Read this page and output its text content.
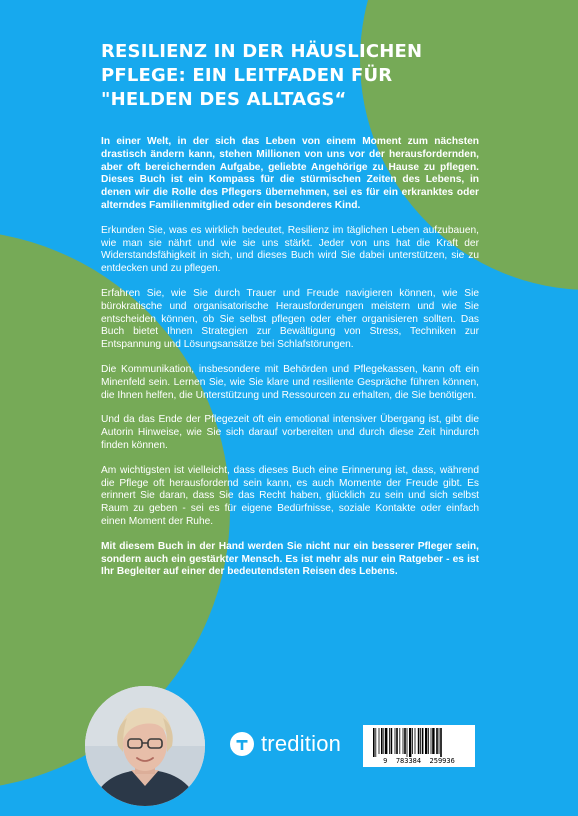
RESILIENZ IN DER HÄUSLICHEN PFLEGE: EIN LEITFADEN FÜR "HELDEN DES ALLTAGS“

In einer Welt, in der sich das Leben von einem Moment zum nächsten drastisch ändern kann, stehen Millionen von uns vor der herausfordernden, aber oft bereichernden Aufgabe, geliebte Angehörige zu Hause zu pflegen. Dieses Buch ist ein Kompass für die stürmischen Zeiten des Lebens, in denen wir die Rolle des Pflegers übernehmen, sei es für ein erkranktes oder alterndes Familienmitglied oder ein besonderes Kind.

Erkunden Sie, was es wirklich bedeutet, Resilienz im täglichen Leben aufzubauen, wie man sie nährt und wie sie uns stärkt. Jeder von uns hat die Kraft der Widerstandsfähigkeit in sich, und dieses Buch wird Sie dabei unterstützen, sie zu entdecken und zu pflegen.

Erfahren Sie, wie Sie durch Trauer und Freude navigieren können, wie Sie bürokratische und organisatorische Herausforderungen meistern und wie Sie entscheiden können, ob Sie selbst pflegen oder eher organisieren sollten. Das Buch bietet Ihnen Strategien zur Bewältigung von Stress, Techniken zur Entspannung und Lösungsansätze bei Schlafstörungen.

Die Kommunikation, insbesondere mit Behörden und Pflegekassen, kann oft ein Minenfeld sein. Lernen Sie, wie Sie klare und resiliente Gespräche führen können, die Ihnen helfen, die Unterstützung und Ressourcen zu erhalten, die Sie benötigen.

Und da das Ende der Pflegezeit oft ein emotional intensiver Übergang ist, gibt die Autorin Hinweise, wie Sie sich darauf vorbereiten und durch diese Zeit hindurch finden können.

Am wichtigsten ist vielleicht, dass dieses Buch eine Erinnerung ist, dass, während die Pflege oft herausfordernd sein kann, es auch Momente der Freude gibt. Es erinnert Sie daran, dass Sie das Recht haben, glücklich zu sein und sich selbst Raum zu geben - sei es für eigene Bedürfnisse, soziale Kontakte oder einfach einen Moment der Ruhe.

Mit diesem Buch in der Hand werden Sie nicht nur ein besserer Pfleger sein, sondern auch ein gestärkter Mensch. Es ist mehr als nur ein Ratgeber - es ist Ihr Begleiter auf einer der bedeutendsten Reisen des Lebens.

tredition
9  783384  259936
